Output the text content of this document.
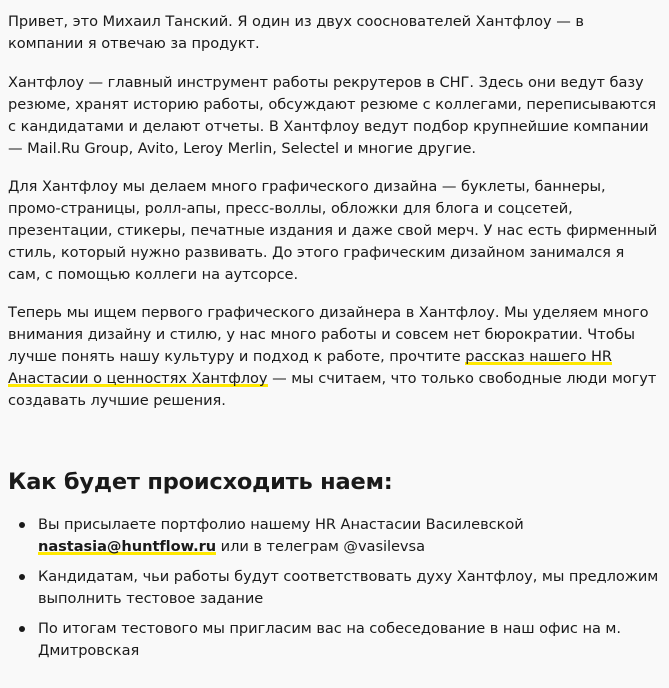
Привет, это Михаил Танский. Я один из двух сооснователей Хантфлоу — в компании я отвечаю за продукт.

Хантфлоу — главный инструмент работы рекрутеров в СНГ. Здесь они ведут базу резюме, хранят историю работы, обсуждают резюме с коллегами, переписываются с кандидатами и делают отчеты. В Хантфлоу ведут подбор крупнейшие компании — Mail.Ru Group, Avito, Leroy Merlin, Selectel и многие другие.

Для Хантфлоу мы делаем много графического дизайна — буклеты, баннеры, промо-страницы, ролл-апы, пресс-воллы, обложки для блога и соцсетей, презентации, стикеры, печатные издания и даже свой мерч. У нас есть фирменный стиль, который нужно развивать. До этого графическим дизайном занимался я сам, с помощью коллеги на аутсорсе.

Теперь мы ищем первого графического дизайнера в Хантфлоу. Мы уделяем много внимания дизайну и стилю, у нас много работы и совсем нет бюрократии. Чтобы лучше понять нашу культуру и подход к работе, прочтите рассказ нашего HR Анастасии о ценностях Хантфлоу — мы считаем, что только свободные люди могут создавать лучшие решения.

Как будет происходить наем:
Вы присылаете портфолио нашему HR Анастасии Василевской nastasia@huntflow.ru или в телеграм @vasilevsa
Кандидатам, чьи работы будут соответствовать духу Хантфлоу, мы предложим выполнить тестовое задание
По итогам тестового мы пригласим вас на собеседование в наш офис на м. Дмитровская
